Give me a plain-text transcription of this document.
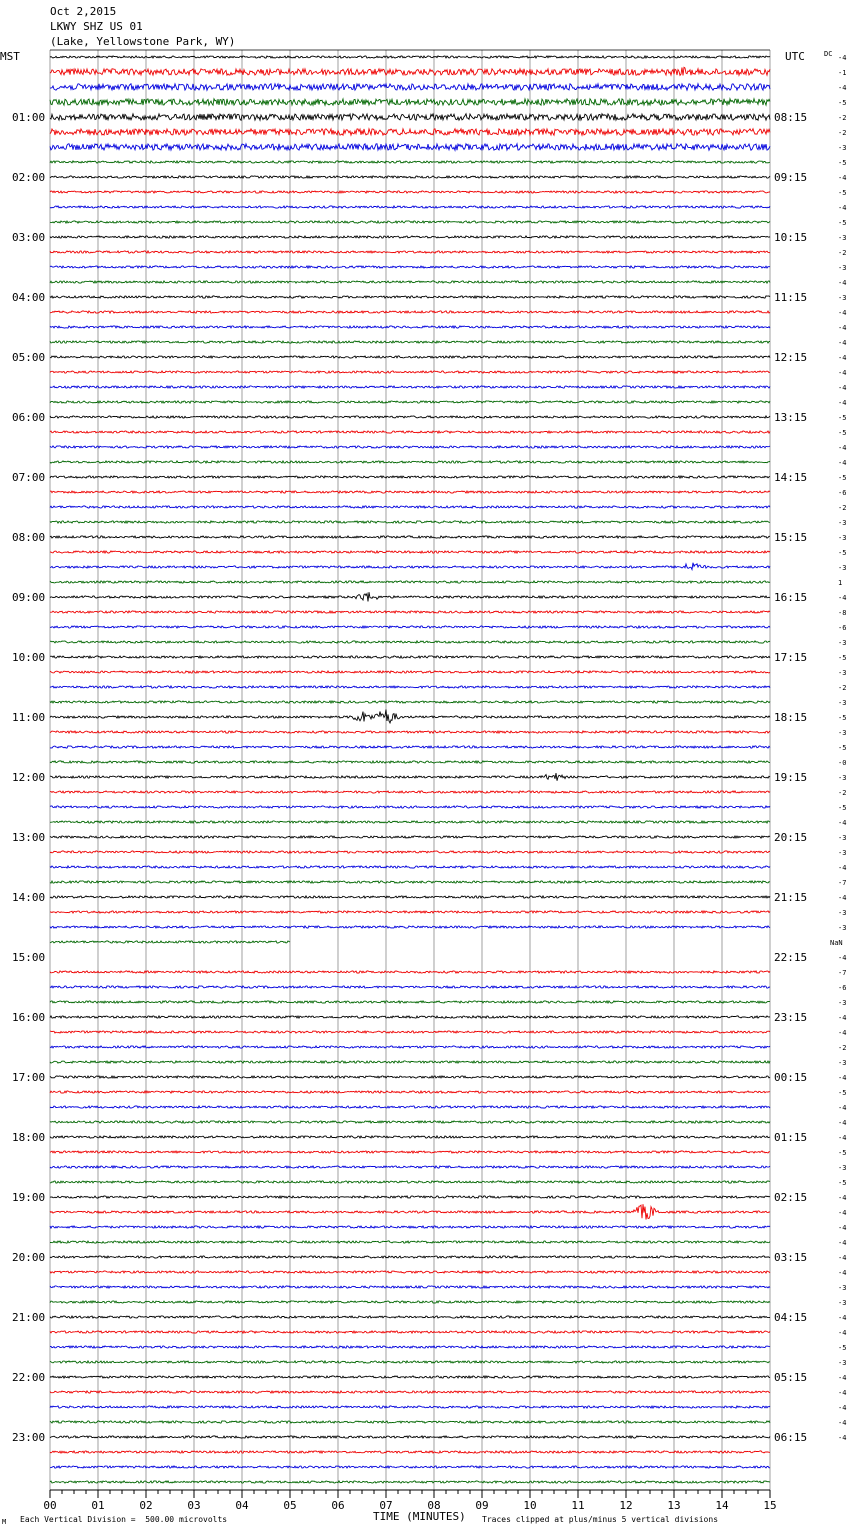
Oct 2,2015
LKWY SHZ US 01
(Lake, Yellowstone Park, WY)
MST	UTC
01:00
02:00
03:00
04:00
05:00
06:00
07:00
08:00
09:00
10:00
11:00
12:00
13:00
14:00
15:00
16:00
17:00
18:00
19:00
20:00
21:00
22:00
23:00
08:15
09:15
10:15
11:15
12:15
13:15
14:15
15:15
16:15
17:15
18:15
19:15
20:15
21:15
22:15
23:15
00:15
01:15
02:15
03:15
04:15
05:15
06:15
DC -4
-1
-4
-5
-2
-2
-3
-5
-4
-5
-4
-5
-3
-2
-3
-4
-3
-4
-4
-4
-4
-4
-4
-4
-5
-5
-4
-4
-5
-6
-2
-3
-3
-5
-3
1
-4
-8
-6
-3
-5
-3
-2
-3
-5
-3
-5
-0
-3
-2
-5
-4
-3
-3
-4
-7
-4
-3
-3
NaN
-4
-7
-6
-3
-4
-4
-2
-3
-4
-5
-4
-4
-4
-5
-3
-5
-4
-4
-4
-4
-4
-4
-3
-3
-4
-4
-5
-3
-4
-4
-4
-4
-4
00	01	02	03	04	05	06	07	08	09	10	11	12	13	14	15
M Each Vertical Division =  500.00 microvolts	TIME (MINUTES) Traces clipped at plus/minus 5 vertical divisions
